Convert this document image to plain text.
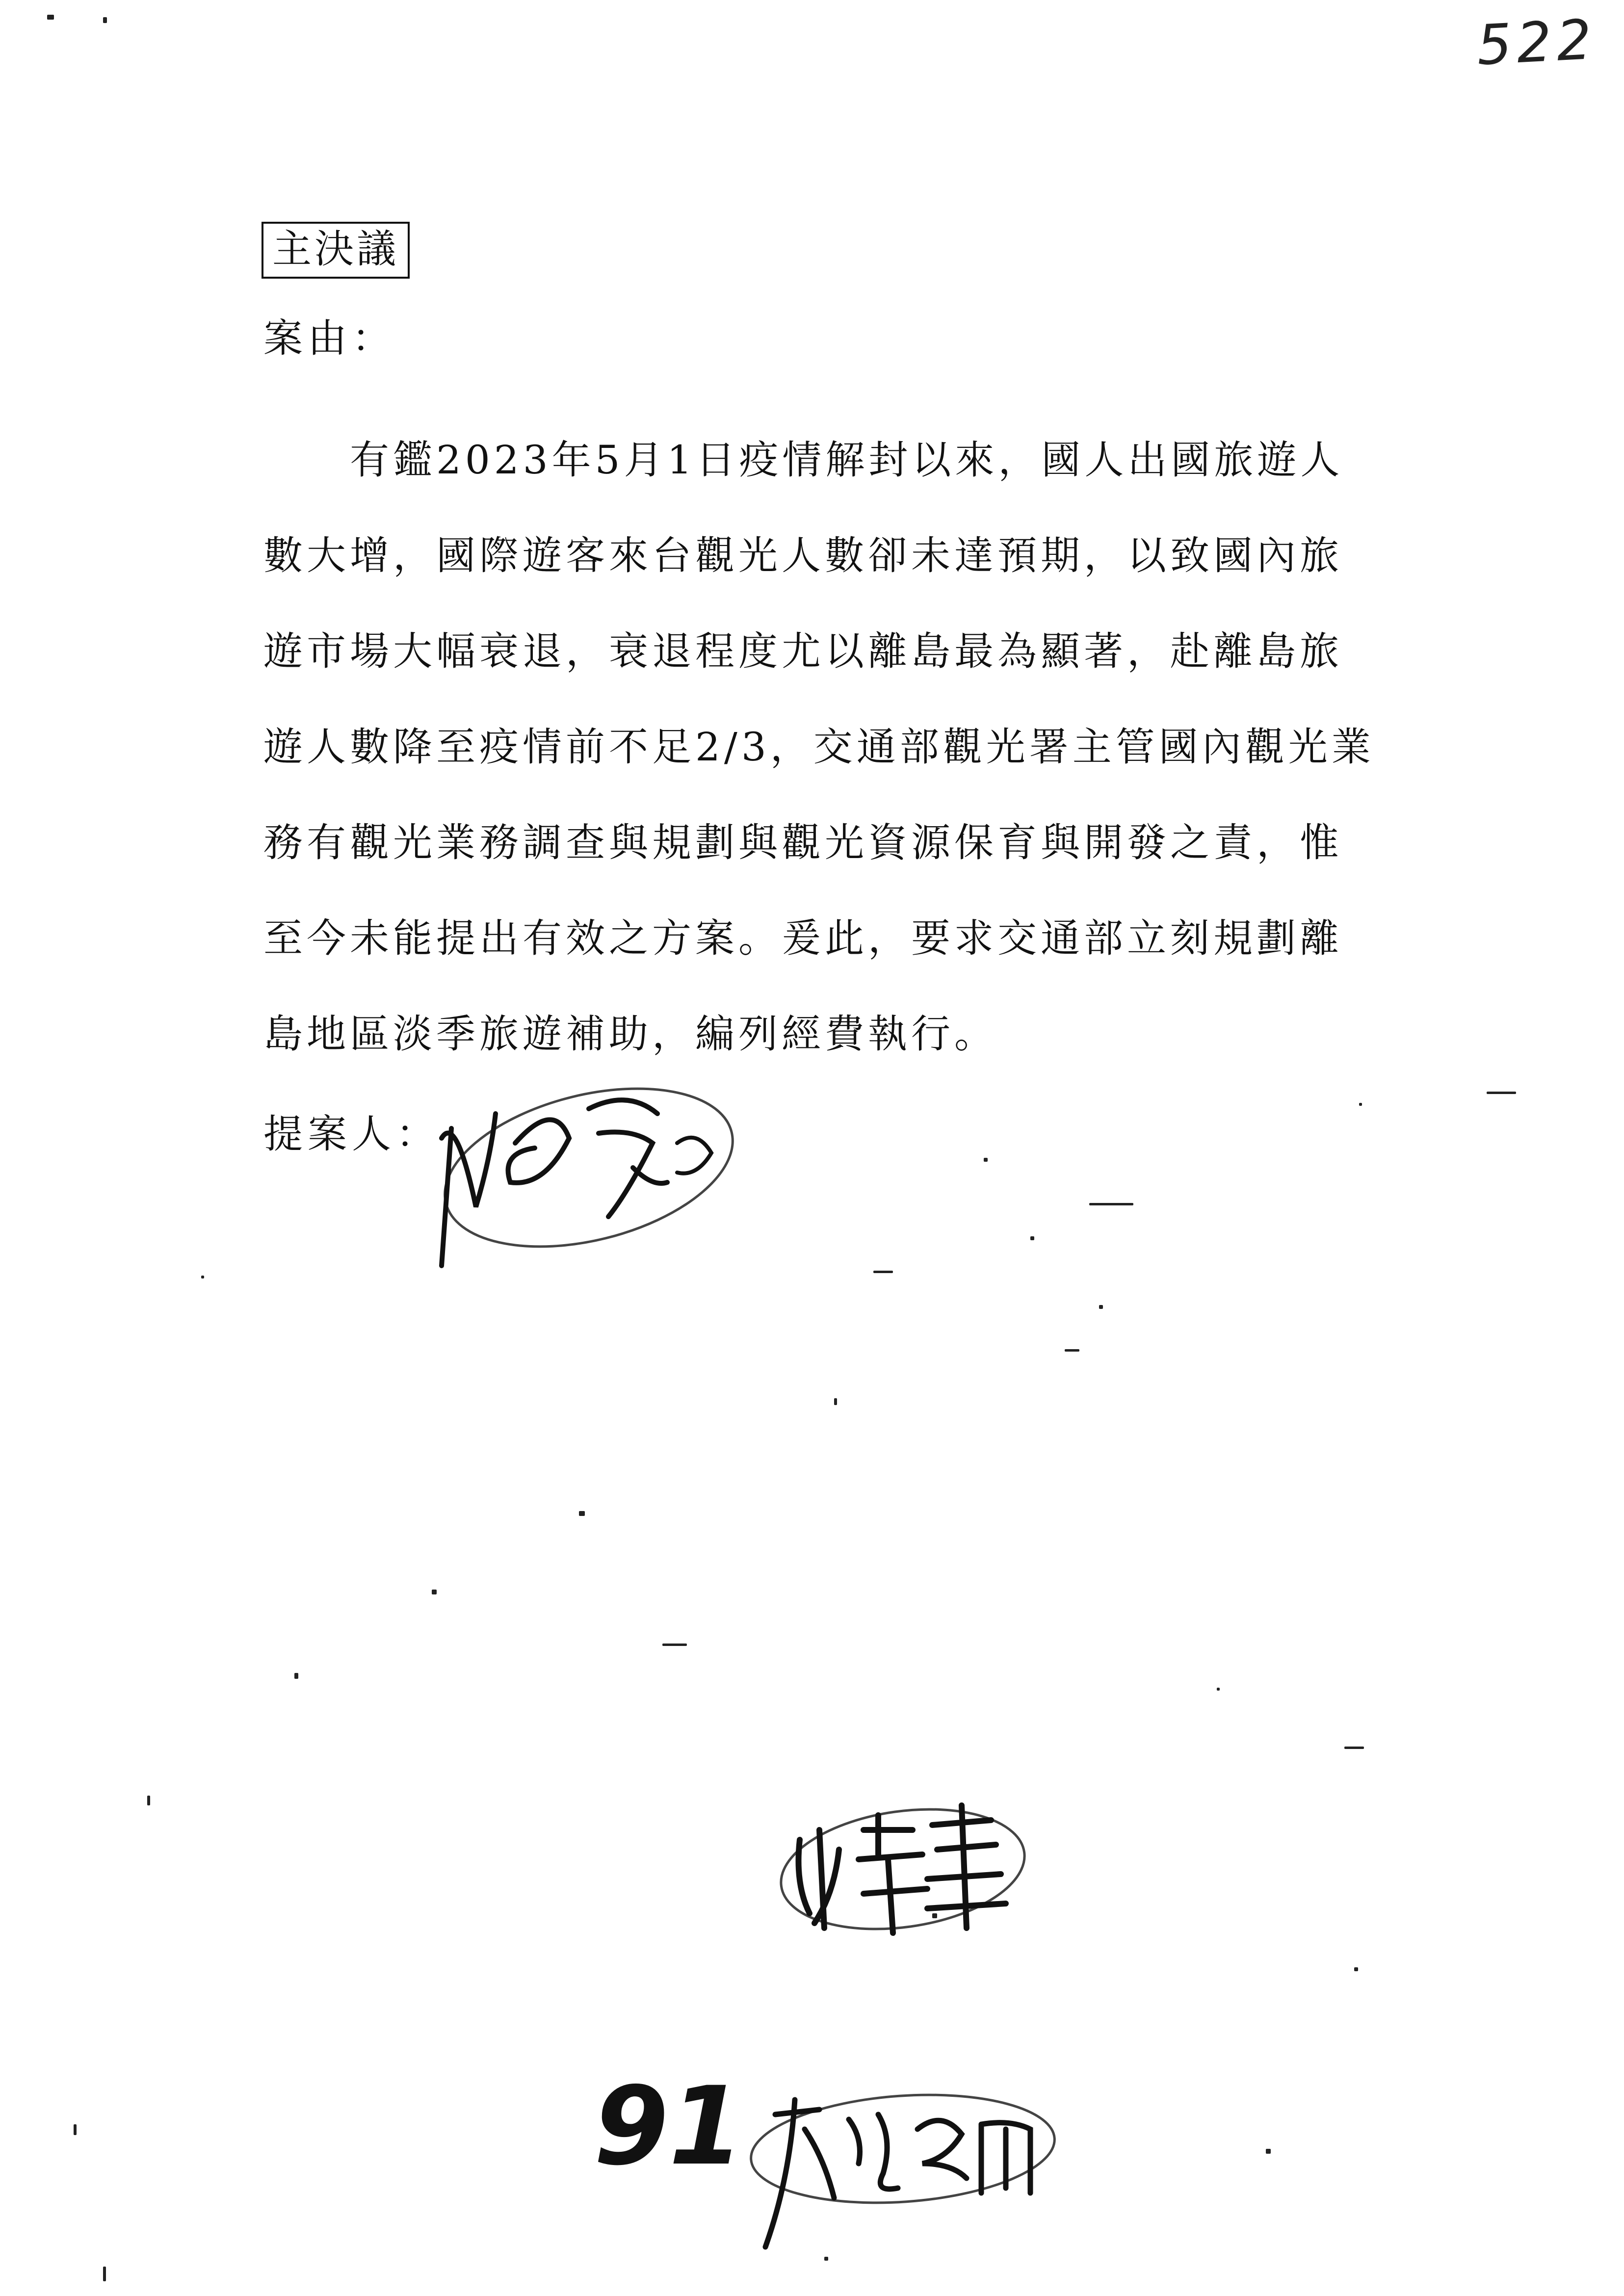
522
主決議
案由：
　　有鑑2023年5月1日疫情解封以來，國人出國旅遊人
數大增，國際遊客來台觀光人數卻未達預期，以致國內旅
遊市場大幅衰退，衰退程度尤以離島最為顯著，赴離島旅
遊人數降至疫情前不足2/3，交通部觀光署主管國內觀光業
務有觀光業務調查與規劃與觀光資源保育與開發之責，惟
至今未能提出有效之方案。爰此，要求交通部立刻規劃離
島地區淡季旅遊補助，編列經費執行。
提案人：
91
